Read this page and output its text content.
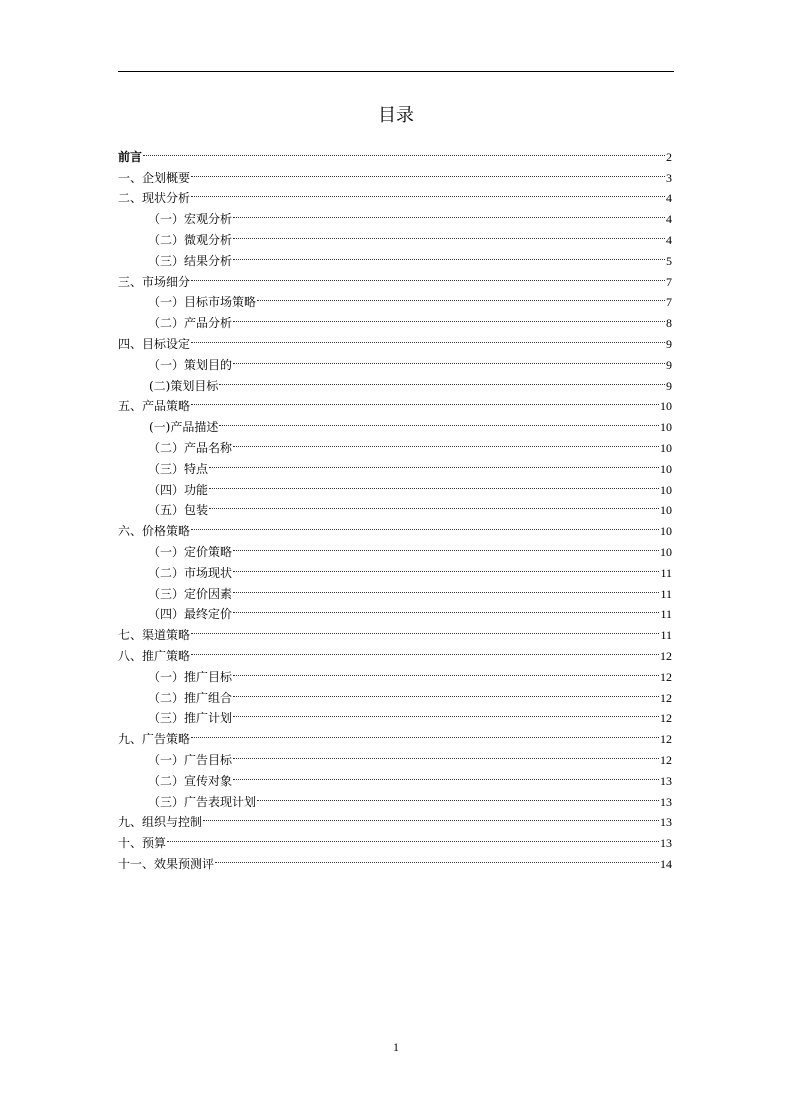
目录
前言	2
一、企划概要	3
二、现状分析	4
（一）宏观分析	4
（二）微观分析	4
（三）结果分析	5
三、市场细分	7
（一）目标市场策略	7
（二）产品分析	8
四、目标设定	9
（一）策划目的	9
(二)策划目标	9
五、产品策略	10
(一)产品描述	10
（二）产品名称	10
（三）特点	10
（四）功能	10
（五）包装	10
六、价格策略	10
（一）定价策略	10
（二）市场现状	11
（三）定价因素	11
（四）最终定价	11
七、渠道策略	11
八、推广策略	12
（一）推广目标	12
（二）推广组合	12
（三）推广计划	12
九、广告策略	12
（一）广告目标	12
（二）宣传对象	13
（三）广告表现计划	13
九、组织与控制	13
十、预算	13
十一、效果预测评	14
1
